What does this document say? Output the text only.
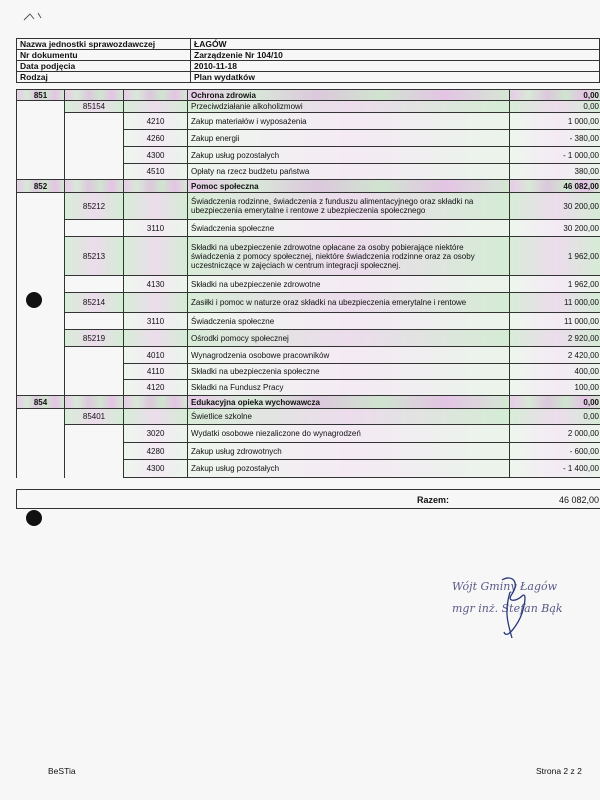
Nazwa jednostki sprawozdawczej	ŁAGÓW
Nr dokumentu	Zarządzenie Nr 104/10
Data podjęcia	2010-11-18
Rodzaj	Plan wydatków
851			Ochrona zdrowia	0,00
	85154		Przeciwdziałanie alkoholizmowi	0,00
		4210	Zakup materiałów i wyposażenia	1 000,00
		4260	Zakup energii	- 380,00
		4300	Zakup usług pozostałych	- 1 000,00
		4510	Opłaty na rzecz budżetu państwa	380,00
852			Pomoc społeczna	46 082,00
	85212		Świadczenia rodzinne, świadczenia z funduszu alimentacyjnego oraz składki na ubezpieczenia emerytalne i rentowe z ubezpieczenia społecznego	30 200,00
		3110	Świadczenia społeczne	30 200,00
	85213		Składki na ubezpieczenie zdrowotne opłacane za osoby pobierające niektóre świadczenia z pomocy społecznej, niektóre świadczenia rodzinne oraz za osoby uczestniczące w zajęciach w centrum integracji społecznej.	1 962,00
		4130	Składki na ubezpieczenie zdrowotne	1 962,00
	85214		Zasiłki i pomoc w naturze oraz składki na ubezpieczenia emerytalne i rentowe	11 000,00
		3110	Świadczenia społeczne	11 000,00
	85219		Ośrodki pomocy społecznej	2 920,00
		4010	Wynagrodzenia osobowe pracowników	2 420,00
		4110	Składki na ubezpieczenia społeczne	400,00
		4120	Składki na Fundusz Pracy	100,00
854			Edukacyjna opieka wychowawcza	0,00
	85401		Świetlice szkolne	0,00
		3020	Wydatki osobowe niezaliczone do wynagrodzeń	2 000,00
		4280	Zakup usług zdrowotnych	- 600,00
		4300	Zakup usług pozostałych	- 1 400,00
Razem:	46 082,00
Wójt Gminy Łagów
mgr inż. Stefan Bąk
BeSTia	Strona 2 z 2
